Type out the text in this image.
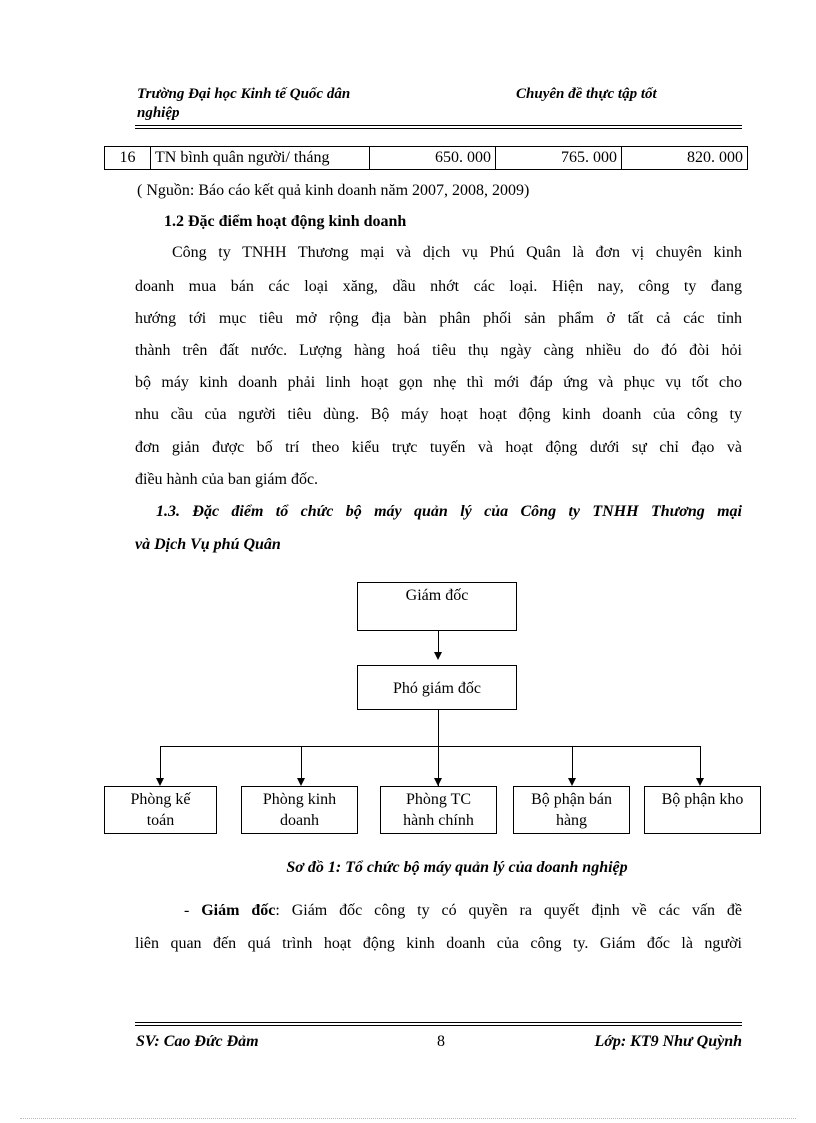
Trường Đại học Kinh tế Quốc dân
nghiệp
Chuyên đề thực tập tốt
16	TN bình quân người/ tháng	650. 000	765. 000	820. 000
( Nguồn: Báo cáo kết quả kinh doanh năm 2007, 2008, 2009)
1.2 Đặc điểm hoạt động kinh doanh
Công ty TNHH Thương mại và dịch vụ Phú Quân là đơn vị chuyên kinh
doanh mua bán các loại xăng, dầu nhớt các loại. Hiện nay, công ty đang
hướng tới mục tiêu mở rộng địa bàn phân phối sản phẩm ở tất cả các tỉnh
thành trên đất nước. Lượng hàng hoá tiêu thụ ngày càng nhiều do đó đòi hỏi
bộ máy kinh doanh phải linh hoạt gọn nhẹ thì mới đáp ứng và phục vụ tốt cho
nhu cầu của người tiêu dùng. Bộ máy hoạt hoạt động kinh doanh của công ty
đơn giản được bố trí theo kiểu trực tuyến và hoạt động dưới sự chỉ đạo và
điều hành của ban giám đốc.
1.3. Đặc điểm tổ chức bộ máy quản lý của Công ty TNHH Thương mại
và Dịch Vụ phú Quân
Giám đốc
Phó giám đốc
Phòng kế
toán
Phòng kinh
doanh
Phòng TC
hành chính
Bộ phận bán
hàng
Bộ phận kho
Sơ đồ 1: Tổ chức bộ máy quản lý của doanh nghiệp
- Giám đốc: Giám đốc công ty có quyền ra quyết định về các vấn đề
liên quan đến quá trình hoạt động kinh doanh của công ty. Giám đốc là người
SV: Cao Đức Đảm	8	Lớp: KT9 Như Quỳnh
